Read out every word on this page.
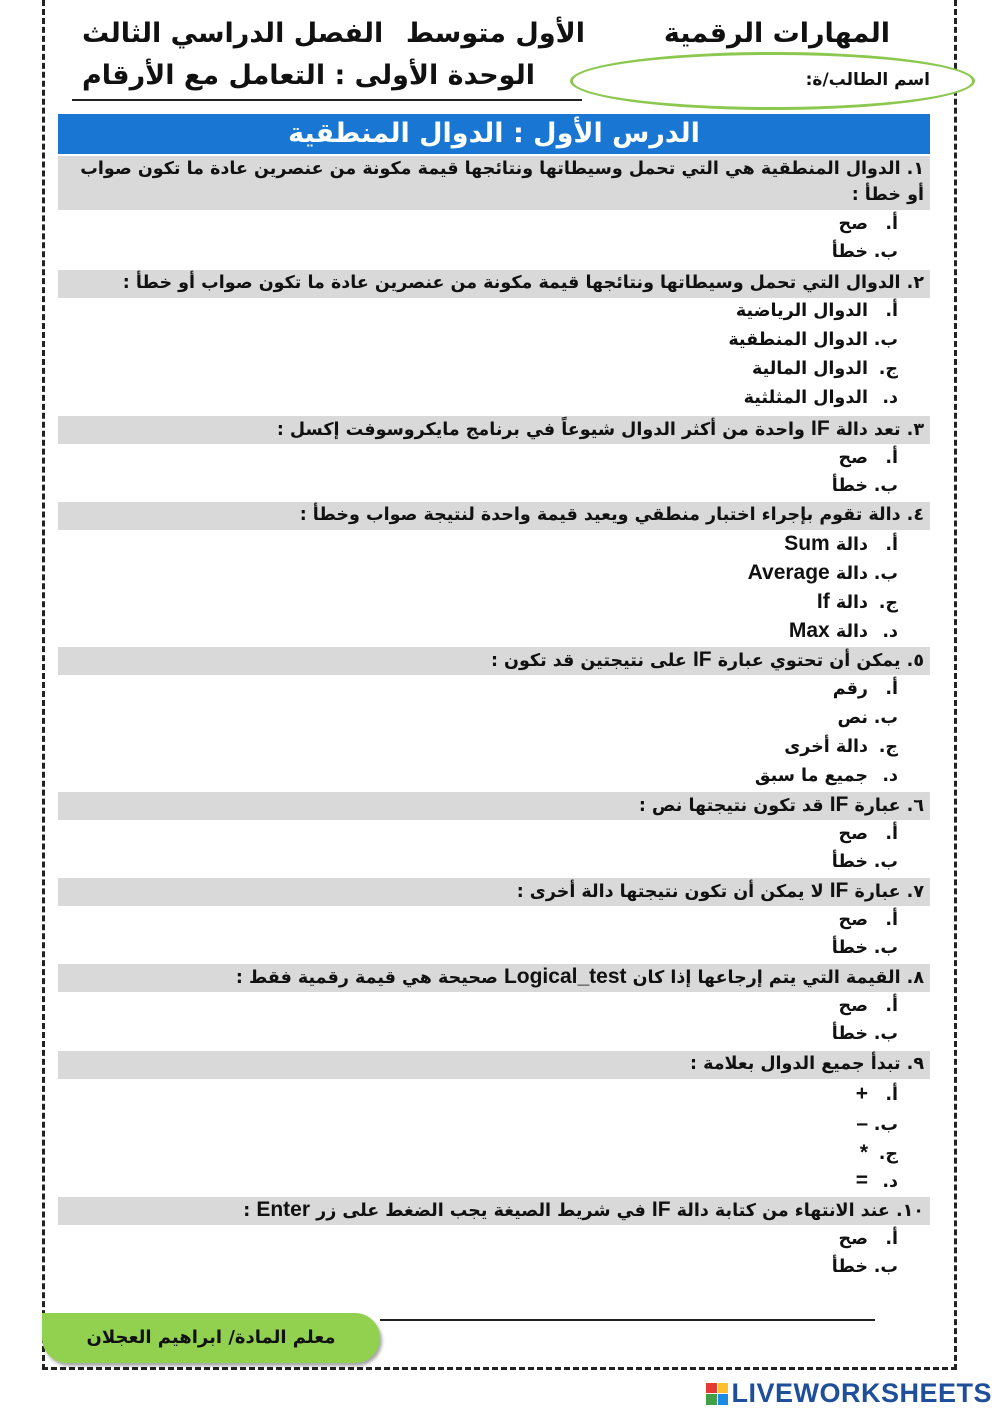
المهارات الرقمية
الأول متوسط
الفصل الدراسي الثالث
الوحدة الأولى : التعامل مع الأرقام	اسم الطالب/ة:
الدرس الأول : الدوال المنطقية
١. الدوال المنطقية هي التي تحمل وسيطاتها ونتائجها قيمة مكونة من عنصرين عادة ما تكون صواب أو خطأ :
أ.صح
ب.خطأ
٢. الدوال التي تحمل وسيطاتها ونتائجها قيمة مكونة من عنصرين عادة ما تكون صواب أو خطأ :
أ.الدوال الرياضية
ب.الدوال المنطقية
ج.الدوال المالية
د.الدوال المثلثية
٣. تعد دالة IF واحدة من أكثر الدوال شيوعاً في برنامج مايكروسوفت إكسل :
أ.صح
ب.خطأ
٤. دالة تقوم بإجراء اختبار منطقي ويعيد قيمة واحدة لنتيجة صواب وخطأ :
أ.دالة Sum
ب.دالة Average
ج.دالة If
د.دالة Max
٥. يمكن أن تحتوي عبارة IF على نتيجتين قد تكون :
أ.رقم
ب.نص
ج.دالة أخرى
د.جميع ما سبق
٦. عبارة IF قد تكون نتيجتها نص :
أ.صح
ب.خطأ
٧. عبارة IF لا يمكن أن تكون نتيجتها دالة أخرى :
أ.صح
ب.خطأ
٨. القيمة التي يتم إرجاعها إذا كان Logical_test صحيحة هي قيمة رقمية فقط :
أ.صح
ب.خطأ
٩. تبدأ جميع الدوال بعلامة :
أ.+
ب.–
ج.*
د.=
١٠. عند الانتهاء من كتابة دالة IF في شريط الصيغة يجب الضغط على زر Enter :
أ.صح
ب.خطأ
معلم المادة/ ابراهيم العجلان
LIVEWORKSHEETS
